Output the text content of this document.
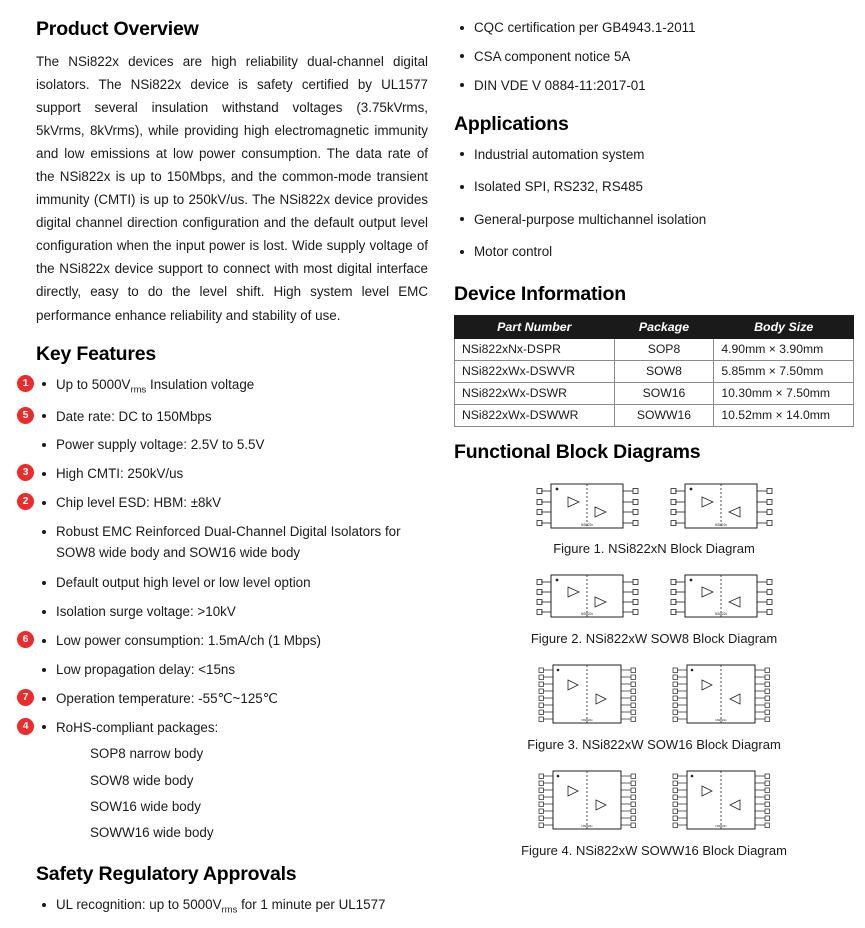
Product Overview

The NSi822x devices are high reliability dual-channel digital isolators. The NSi822x device is safety certified by UL1577 support several insulation withstand voltages (3.75kVrms, 5kVrms, 8kVrms), while providing high electromagnetic immunity and low emissions at low power consumption. The data rate of the NSi822x is up to 150Mbps, and the common-mode transient immunity (CMTI) is up to 250kV/us. The NSi822x device provides digital channel direction configuration and the default output level configuration when the input power is lost. Wide supply voltage of the NSi822x device support to connect with most digital interface directly, easy to do the level shift. High system level EMC performance enhance reliability and stability of use.

Key Features
1	Up to $5000V_{rms}$ Insulation voltage
5	Date rate: DC to 150Mbps
Power supply voltage: 2.5V to 5.5V
3	High CMTI: 250kV/us
2	Chip level ESD: HBM: ±8kV
Robust EMC Reinforced Dual-Channel Digital Isolators for SOW8 wide body and SOW16 wide body
Default output high level or low level option
Isolation surge voltage: >10kV
6	Low power consumption: 1.5mA/ch (1 Mbps)
Low propagation delay: <15ns
7	Operation temperature: -55℃~125℃
4	RoHS-compliant packages:
SOP8 narrow body
SOW8 wide body
SOW16 wide body
SOWW16 wide body
Safety Regulatory Approvals
UL recognition: up to $5000V_{rms}$ for 1 minute per UL1577
CQC certification per GB4943.1-2011
CSA component notice 5A
DIN VDE V 0884-11:2017-01
Applications
Industrial automation system
Isolated SPI, RS232, RS485
General-purpose multichannel isolation
Motor control
Device Information
Part Number	Package	Body Size
NSi822xNx-DSPR	SOP8	4.90mm × 3.90mm
NSi822xWx-DSWVR	SOW8	5.85mm × 7.50mm
NSi822xWx-DSWR	SOW16	10.30mm × 7.50mm
NSi822xWx-DSWWR	SOWW16	10.52mm × 14.0mm
Functional Block Diagrams
NSi822x	NSi822x
Figure 1. NSi822xN Block Diagram
NSi822x	NSi822x
Figure 2. NSi822xW SOW8 Block Diagram
NSi822x	NSi822x
Figure 3. NSi822xW SOW16 Block Diagram
NSi822x	NSi822x
Figure 4. NSi822xW SOWW16 Block Diagram
